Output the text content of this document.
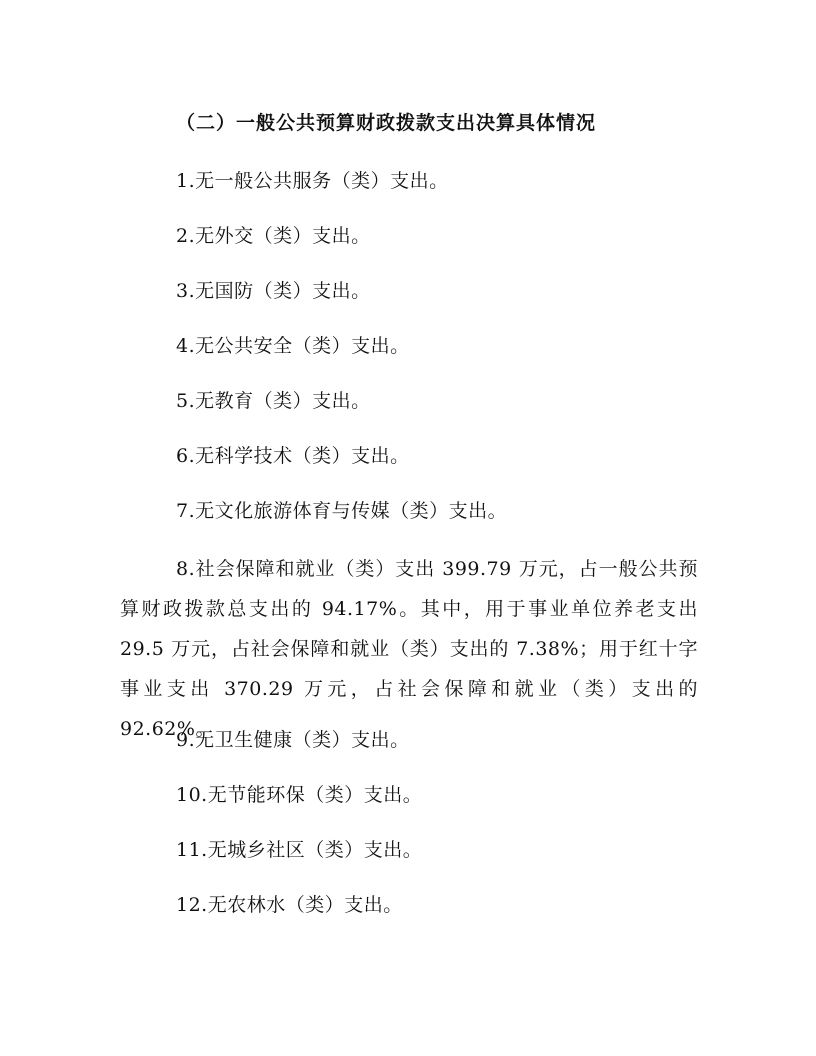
（二）一般公共预算财政拨款支出决算具体情况
1.无一般公共服务（类）支出。
2.无外交（类）支出。
3.无国防（类）支出。
4.无公共安全（类）支出。
5.无教育（类）支出。
6.无科学技术（类）支出。
7.无文化旅游体育与传媒（类）支出。
8.社会保障和就业（类）支出 399.79 万元，占一般公共预算财政拨款总支出的 94.17%。其中，用于事业单位养老支出 29.5 万元，占社会保障和就业（类）支出的 7.38%；用于红十字事业支出 370.29 万元，占社会保障和就业（类）支出的 92.62%。
9.无卫生健康（类）支出。
10.无节能环保（类）支出。
11.无城乡社区（类）支出。
12.无农林水（类）支出。
